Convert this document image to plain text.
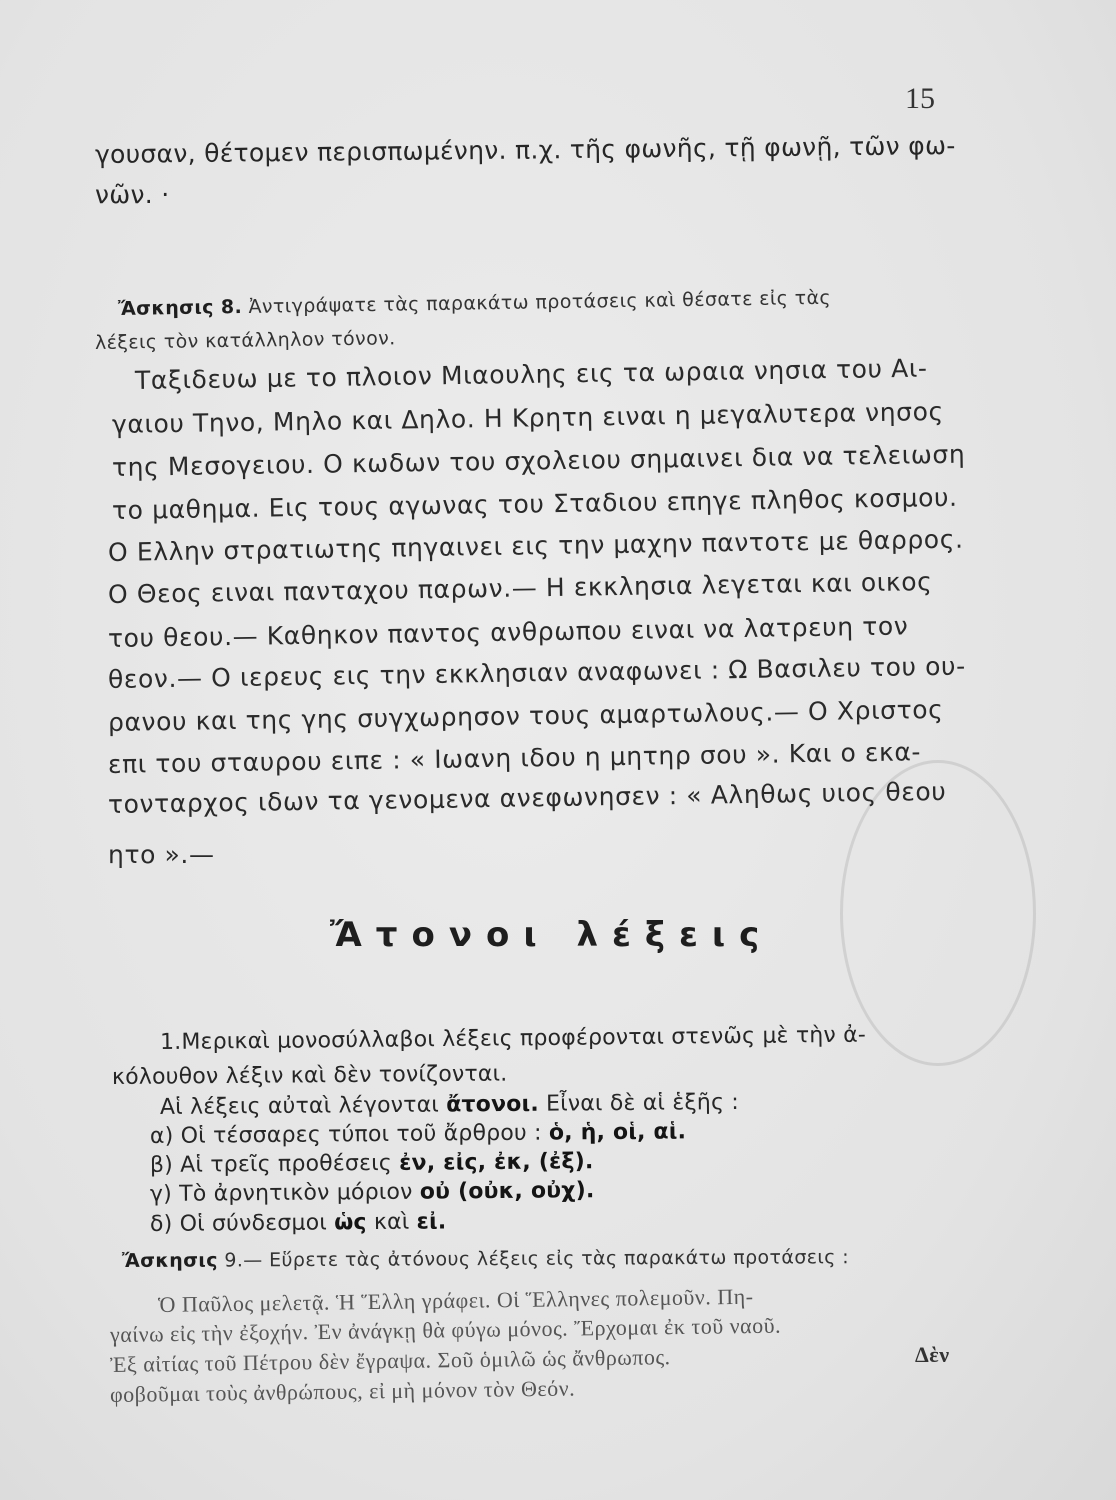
15
γουσαν, θέτομεν περισπωμένην. π.χ. τῆς φωνῆς, τῇ φωνῇ, τῶν φω-
νῶν. ·
Ἄσκησις 8. Ἀντιγράψατε τὰς παρακάτω προτάσεις καὶ θέσατε εἰς τὰς
λέξεις τὸν κατάλληλον τόνον.
Ταξιδευω με το πλοιον Μιαουλης εις τα ωραια νησια του Αι-
γαιου Τηνο, Μηλο και Δηλο. Η Κρητη ειναι η μεγαλυτερα νησος
της Μεσογειου. Ο κωδων του σχολειου σημαινει δια να τελειωση
το μαθημα. Εις τους αγωνας του Σταδιου επηγε πληθος κοσμου.
Ο Ελλην στρατιωτης πηγαινει εις την μαχην παντοτε με θαρρος.
Ο Θεος ειναι πανταχου παρων.— Η εκκλησια λεγεται και οικος
του θεου.— Καθηκον παντος ανθρωπου ειναι να λατρευη τον
θεον.— Ο ιερευς εις την εκκλησιαν αναφωνει : Ω Βασιλευ του ου-
ρανου και της γης συγχωρησον τους αμαρτωλους.— Ο Χριστος
επι του σταυρου ειπε : « Ιωανη ιδου η μητηρ σου ». Και ο εκα-
τονταρχος ιδων τα γενομενα ανεφωνησεν : « Αληθως υιος θεου
ητο ».—
Ἄτονοι λέξεις
1.Μερικαὶ μονοσύλλαβοι λέξεις προφέρονται στενῶς μὲ τὴν ἀ-
κόλουθον λέξιν καὶ δὲν τονίζονται.
Αἱ λέξεις αὐταὶ λέγονται ἄτονοι. Εἶναι δὲ αἱ ἑξῆς :
α) Οἱ τέσσαρες τύποι τοῦ ἄρθρου : ὁ, ἡ, οἱ, αἱ.
β) Αἱ τρεῖς προθέσεις ἐν, εἰς, ἐκ, (ἐξ).
γ) Τὸ ἀρνητικὸν μόριον οὐ (οὐκ, οὐχ).
δ) Οἱ σύνδεσμοι ὡς καὶ εἰ.
Ἄσκησις 9.— Εὕρετε τὰς ἀτόνους λέξεις εἰς τὰς παρακάτω προτάσεις :
Ὁ Παῦλος μελετᾷ. Ἡ Ἕλλη γράφει. Οἱ Ἕλληνες πολεμοῦν. Πη-
γαίνω εἰς τὴν ἐξοχήν. Ἐν ἀνάγκῃ θὰ φύγω μόνος. Ἔρχομαι ἐκ τοῦ ναοῦ.
Ἐξ αἰτίας τοῦ Πέτρου δὲν ἔγραψα. Σοῦ ὁμιλῶ ὡς ἄνθρωπος.	Δὲν
φοβοῦμαι τοὺς ἀνθρώπους, εἰ μὴ μόνον τὸν Θεόν.
